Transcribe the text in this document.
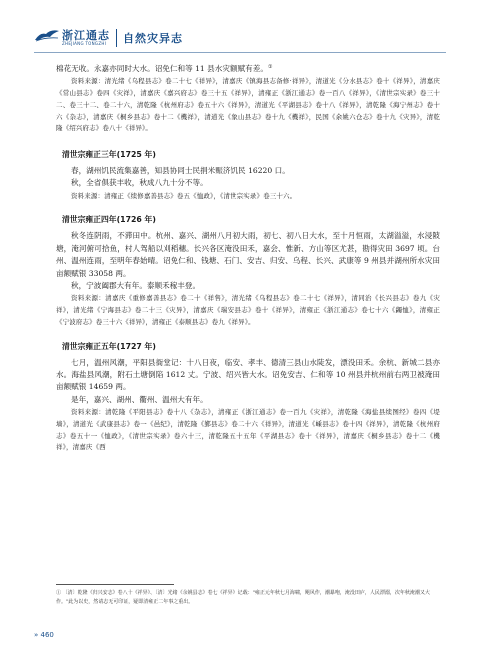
浙江通志
ZHEJIANG TONGZHI 自然灾异志

棉花无收。永嘉亦同时大水。诏免仁和等 11 县水灾额赋有差。①

资料来源：清光绪《乌程县志》卷二十七《祥异》，清嘉庆《镇海县志备修·祥异》，清道光《分水县志》卷十《祥异》，清嘉庆《常山县志》卷四《灾祥》，清嘉庆《嘉兴府志》卷三十五《祥异》，清雍正《浙江通志》卷一百八《祥异》，《清世宗实录》卷三十二、卷三十二、卷二十六，清乾隆《杭州府志》卷五十六《祥异》，清道光《平湖县志》卷十八《祥异》，清乾隆《海宁州志》卷十六《杂志》，清嘉庆《桐乡县志》卷十二《機祥》，清道光《象山县志》卷十九《機祥》，民国《余姚六仓志》卷十九《灾异》，清乾隆《绍兴府志》卷八十《祥异》。

清世宗雍正三年(1725 年)

春，湖州饥民流集嘉善，知县协同士民捐米赈济饥民 16220 口。

秋，全省俱获丰收，秋成八九十分不等。

资料来源：清雍正《续修嘉善县志》卷五《恤政》，《清世宗实录》卷三十六。

清世宗雍正四年(1726 年)

秋冬连阴雨，不滞田中。杭州、嘉兴、湖州八月初大雨，初七、初八日大水，至十月恒雨，太湖溢溢，水浸陂塘，淹河俯可拾鱼，村人驾船以刈稻穗。长兴各区淹没田禾，嘉会、惟新、方山等区尤甚，勘得灾田 3697 顷。台州、温州连雨，至明年春始晴。诏免仁和、钱塘、石门、安吉、归安、乌程、长兴、武康等 9 州县并湖州所水灾田亩额赋银 33058 两。

秋，宁波阖郡大有年。泰顺禾稼丰登。

资料来源：清嘉庆《重修嘉善县志》卷二十《祥售》，清光绪《乌程县志》卷二十七《祥异》，清同治《长兴县志》卷九《灾祥》，清光绪《宁海县志》卷二十三《灾异》，清嘉庆《瑞安县志》卷十《祥异》，清雍正《浙江通志》卷七十六《蠲恤》，清雍正《宁波府志》卷三十六《祥异》，清雍正《泰顺县志》卷九《祥异》。

清世宗雍正五年(1727 年)

七月，温州风潮，平阳县衙堂记：十八日夜，临安、孝丰、德清三县山水陡发，漂没田禾。余杭、新城二县亦水。海盐县风潮，附石土塘倒陷 1612 丈。宁波、绍兴皆大水。诏免安吉、仁和等 10 州县并杭州前右两卫被淹田亩额赋银 14659 两。

是年，嘉兴、湖州、衢州、温州大有年。

资料来源：清乾隆《平阳县志》卷十八《杂志》，清雍正《浙江通志》卷一百九《灾祥》，清乾隆《海盐县续图经》卷四《堤墙》，清道光《武康县志》卷一《邑纪》，清乾隆《鄞县志》卷二十六《祥异》，清道光《嵊县志》卷十四《祥异》，清乾隆《杭州府志》卷五十一《恤政》，《清世宗实录》卷六十三，清乾隆五十五年《平湖县志》卷十《祥异》，清嘉庆《桐乡县志》卷十二《機祥》，清嘉庆《西

① 〔清〕乾隆《归兴安志》卷八十《祥异》、〔清〕光绪《余姚县志》卷七《祥异》记载："雍正元年秋七月海啸，飓风作，潮暴咆，淹没田庐，人民漂溺，次年秋淹潮又大作。"此为以史，然请志无可印证，疑即清雍正二年事之重出。
» 460
